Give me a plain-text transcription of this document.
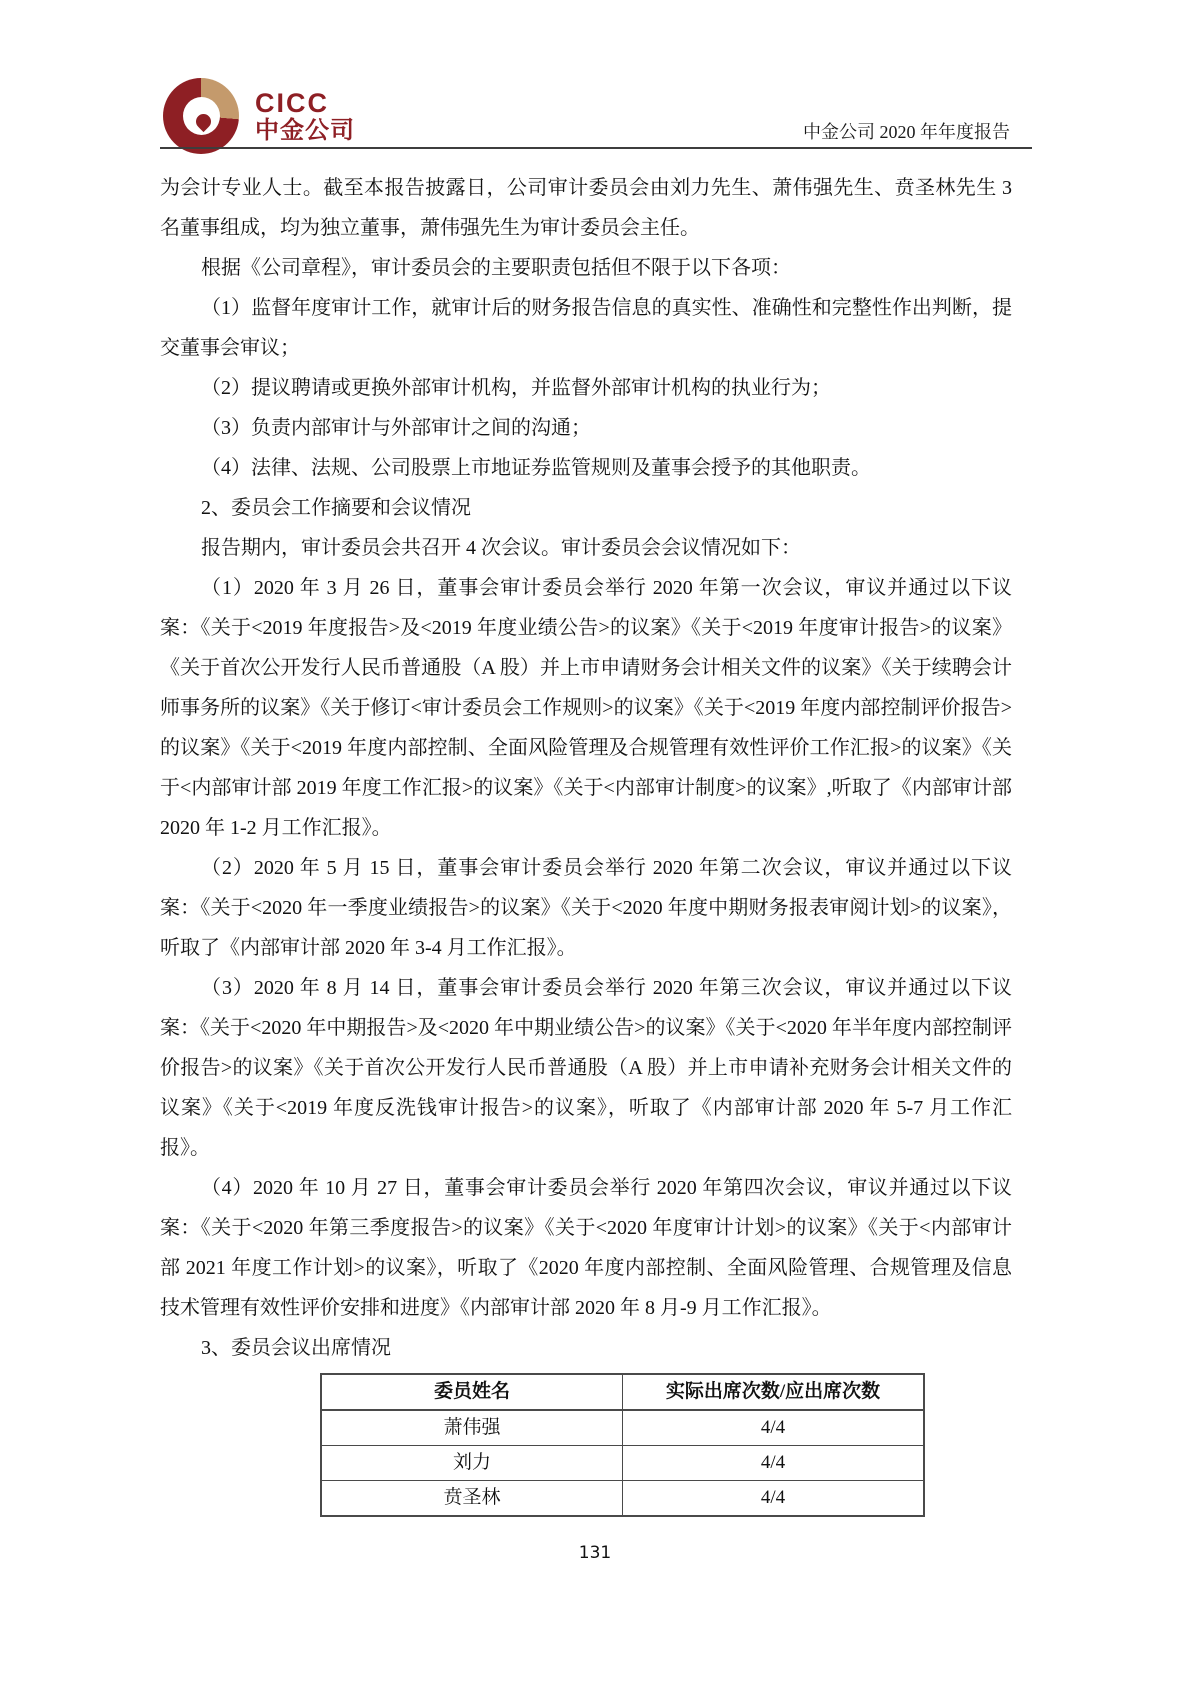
CICC
中金公司	中金公司 2020 年年度报告

为会计专业人士。截至本报告披露日，公司审计委员会由刘力先生、萧伟强先生、贲圣林先生 3 名董事组成，均为独立董事，萧伟强先生为审计委员会主任。

根据《公司章程》，审计委员会的主要职责包括但不限于以下各项：

（1）监督年度审计工作，就审计后的财务报告信息的真实性、准确性和完整性作出判断，提交董事会审议；

（2）提议聘请或更换外部审计机构，并监督外部审计机构的执业行为；

（3）负责内部审计与外部审计之间的沟通；

（4）法律、法规、公司股票上市地证券监管规则及董事会授予的其他职责。

2、委员会工作摘要和会议情况

报告期内，审计委员会共召开 4 次会议。审计委员会会议情况如下：

（1）2020 年 3 月 26 日，董事会审计委员会举行 2020 年第一次会议，审议并通过以下议案：《关于<2019 年度报告>及<2019 年度业绩公告>的议案》《关于<2019 年度审计报告>的议案》《关于首次公开发行人民币普通股（A 股）并上市申请财务会计相关文件的议案》《关于续聘会计师事务所的议案》《关于修订<审计委员会工作规则>的议案》《关于<2019 年度内部控制评价报告>的议案》《关于<2019 年度内部控制、全面风险管理及合规管理有效性评价工作汇报>的议案》《关于<内部审计部 2019 年度工作汇报>的议案》《关于<内部审计制度>的议案》,听取了《内部审计部 2020 年 1-2 月工作汇报》。

（2）2020 年 5 月 15 日，董事会审计委员会举行 2020 年第二次会议，审议并通过以下议案：《关于<2020 年一季度业绩报告>的议案》《关于<2020 年度中期财务报表审阅计划>的议案》，听取了《内部审计部 2020 年 3-4 月工作汇报》。

（3）2020 年 8 月 14 日，董事会审计委员会举行 2020 年第三次会议，审议并通过以下议案：《关于<2020 年中期报告>及<2020 年中期业绩公告>的议案》《关于<2020 年半年度内部控制评价报告>的议案》《关于首次公开发行人民币普通股（A 股）并上市申请补充财务会计相关文件的议案》《关于<2019 年度反洗钱审计报告>的议案》，听取了《内部审计部 2020 年 5-7 月工作汇报》。

（4）2020 年 10 月 27 日，董事会审计委员会举行 2020 年第四次会议，审议并通过以下议案：《关于<2020 年第三季度报告>的议案》《关于<2020 年度审计计划>的议案》《关于<内部审计部 2021 年度工作计划>的议案》，听取了《2020 年度内部控制、全面风险管理、合规管理及信息技术管理有效性评价安排和进度》《内部审计部 2020 年 8 月-9 月工作汇报》。

3、委员会议出席情况

委员姓名	实际出席次数/应出席次数
萧伟强	4/4
刘力	4/4
贲圣林	4/4
131
